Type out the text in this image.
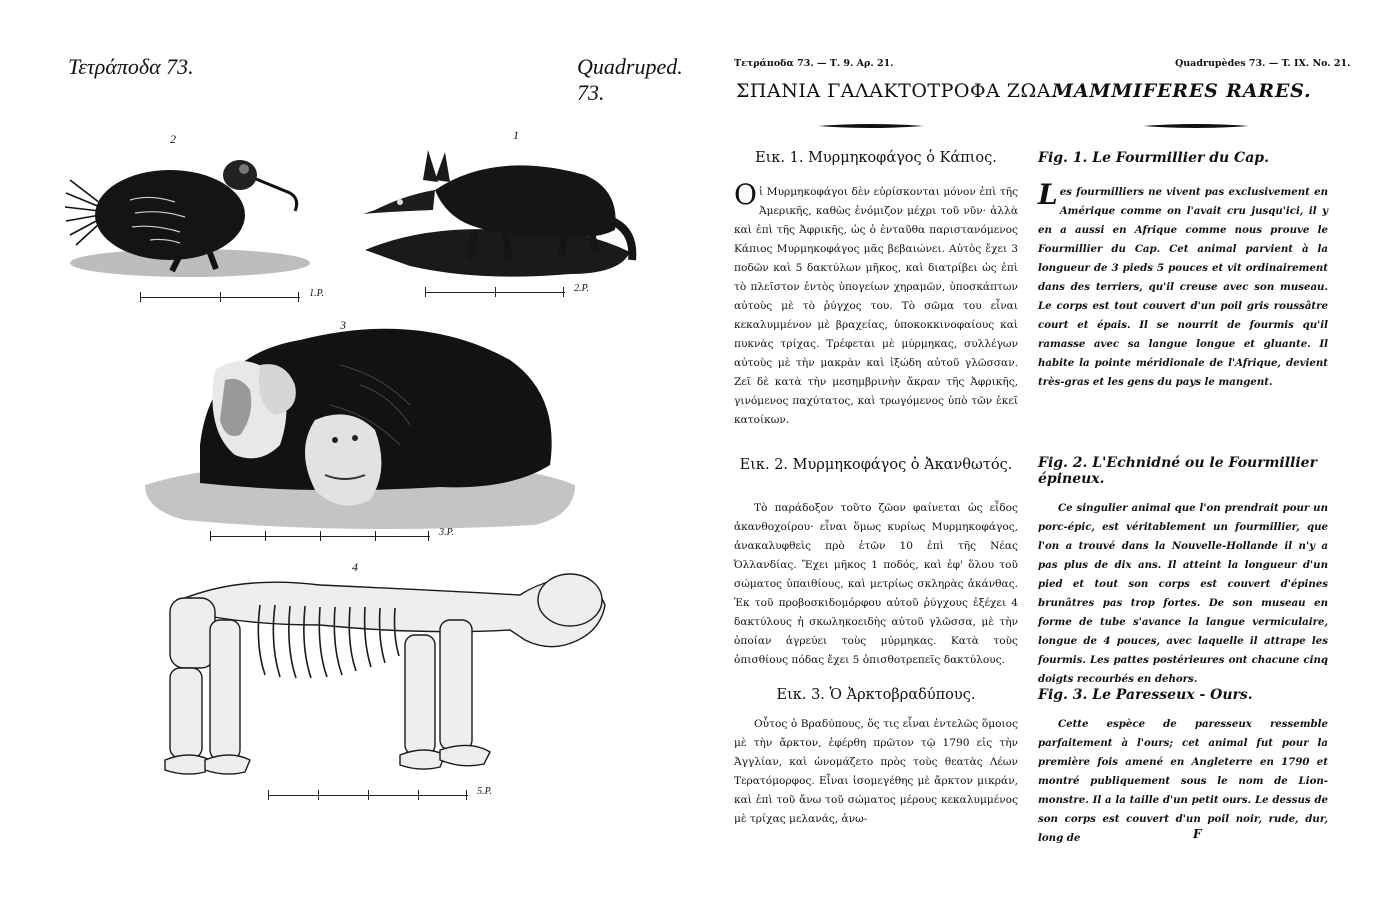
Τετράποδα 73.	Quadruped. 73.
2
1.P.
1
2.P.
3
3.P.
4
5.P.
Τετράποδα 73. — Τ. 9. Αρ. 21.	Quadrupèdes 73. — T. IX. No. 21.
ΣΠΑΝΙΑ ΓΑΛΑΚΤΟΤΡΟΦΑ ΖΩΑ.
MAMMIFERES RARES.

Εικ. 1. Μυρμηκοφάγος ὁ Κάπιος.

Οἱ Μυρμηκοφάγοι δὲν εὑρίσκονται μόνον ἐπὶ τῆς Ἀμερικῆς, καθὼς ἐνόμιζον μέχρι τοῦ νῦν· ἀλλὰ καὶ ἐπὶ τῆς Ἀφρικῆς, ὡς ὁ ἐνταῦθα παριστανόμενος Κάπιος Μυρμηκοφάγος μᾶς βεβαιώνει. Αὐτὸς ἔχει 3 ποδῶν καὶ 5 δακτύλων μῆκος, καὶ διατρίβει ὡς ἐπὶ τὸ πλεῖστον ἐντὸς ὑπογείων χηραμῶν, ὑποσκάπτων αὐτοὺς μὲ τὸ ῥύγχος του. Τὸ σῶμα του εἶναι κεκαλυμμένον μὲ βραχείας, ὑποκοκκινοφαίους καὶ πυκνὰς τρίχας. Τρέφεται μὲ μύρμηκας, συλλέγων αὐτοὺς μὲ τὴν μακρὰν καὶ ἰξώδη αὐτοῦ γλῶσσαν. Ζεῖ δὲ κατὰ τὴν μεσημβρινὴν ἄκραν τῆς Ἀφρικῆς, γινόμενος παχύτατος, καὶ τρωγόμενος ὑπὸ τῶν ἐκεῖ κατοίκων.

Εικ. 2. Μυρμηκοφάγος ὁ Ἀκανθωτός.

Τὸ παράδοξον τοῦτο ζῶον φαίνεται ὡς εἶδος ἀκανθοχοίρου· εἶναι ὅμως κυρίως Μυρμηκοφάγος, ἀνακαλυφθεὶς πρὸ ἐτῶν 10 ἐπὶ τῆς Νέας Ὀλλανδίας. Ἔχει μῆκος 1 ποδός, καὶ ἐφ' ὅλου τοῦ σώματος ὑπαιθίους, καὶ μετρίως σκληρὰς ἀκάνθας. Ἐκ τοῦ προβοσκιδομόρφου αὐτοῦ ῥύγχους ἐξέχει 4 δακτύλους ἡ σκωληκοειδὴς αὐτοῦ γλῶσσα, μὲ τὴν ὁποίαν ἀγρεύει τοὺς μύρμηκας. Κατὰ τοὺς ὀπισθίους πόδας ἔχει 5 ὀπισθοτρεπεῖς δακτύλους.

Εικ. 3. Ὁ Ἀρκτοβραδύπους.

Οὗτος ὁ Βραδύπους, ὅς τις εἶναι ἐντελῶς ὅμοιος μὲ τὴν ἄρκτον, ἐφέρθη πρῶτον τῷ 1790 εἰς τὴν Ἀγγλίαν, καὶ ὠνομάζετο πρὸς τοὺς θεατὰς Λέων Τερατόμορφος. Εἶναι ἰσομεγέθης μὲ ἄρκτον μικράν, καὶ ἐπὶ τοῦ ἄνω τοῦ σώματος μέρους κεκαλυμμένος μὲ τρίχας μελανάς, ἀνω-

Fig. 1. Le Fourmillier du Cap.

Les fourmilliers ne vivent pas exclusivement en Amérique comme on l'avait cru jusqu'ici, il y en a aussi en Afrique comme nous prouve le Fourmillier du Cap. Cet animal parvient à la longueur de 3 pieds 5 pouces et vit ordinairement dans des terriers, qu'il creuse avec son museau. Le corps est tout couvert d'un poil gris roussâtre court et épais. Il se nourrit de fourmis qu'il ramasse avec sa langue longue et gluante. Il habite la pointe méridionale de l'Afrique, devient très-gras et les gens du pays le mangent.

Fig. 2. L'Echnidné ou le Fourmillier épineux.

Ce singulier animal que l'on prendrait pour un porc-épic, est véritablement un fourmillier, que l'on a trouvé dans la Nouvelle-Hollande il n'y a pas plus de dix ans. Il atteint la longueur d'un pied et tout son corps est couvert d'épines brunâtres pas trop fortes. De son museau en forme de tube s'avance la langue vermiculaire, longue de 4 pouces, avec laquelle il attrape les fourmis. Les pattes postérieures ont chacune cinq doigts recourbés en dehors.

Fig. 3. Le Paresseux - Ours.

Cette espèce de paresseux ressemble parfaitement à l'ours; cet animal fut pour la première fois amené en Angleterre en 1790 et montré publiquement sous le nom de Lion-monstre. Il a la taille d'un petit ours. Le dessus de son corps est couvert d'un poil noir, rude, dur, long de	F
